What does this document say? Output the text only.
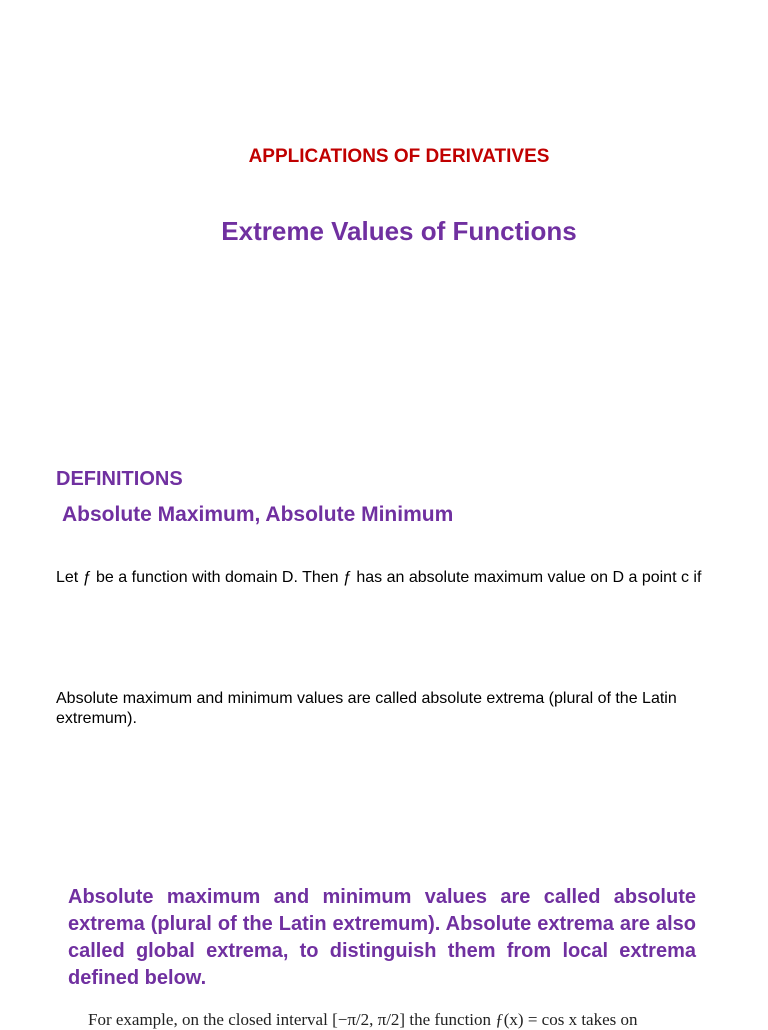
APPLICATIONS OF DERIVATIVES
Extreme Values of Functions
DEFINITIONS
Absolute Maximum, Absolute Minimum

Let ƒ be a function with domain D. Then ƒ has an absolute maximum value on D a point c if

Absolute maximum and minimum values are called absolute extrema (plural of the Latin extremum).

Absolute maximum and minimum values are called absolute extrema (plural of the Latin extremum). Absolute extrema are also called global extrema, to distinguish them from local extrema defined below.

For example, on the closed interval [−π/2, π/2] the function ƒ(x) = cos x takes on
